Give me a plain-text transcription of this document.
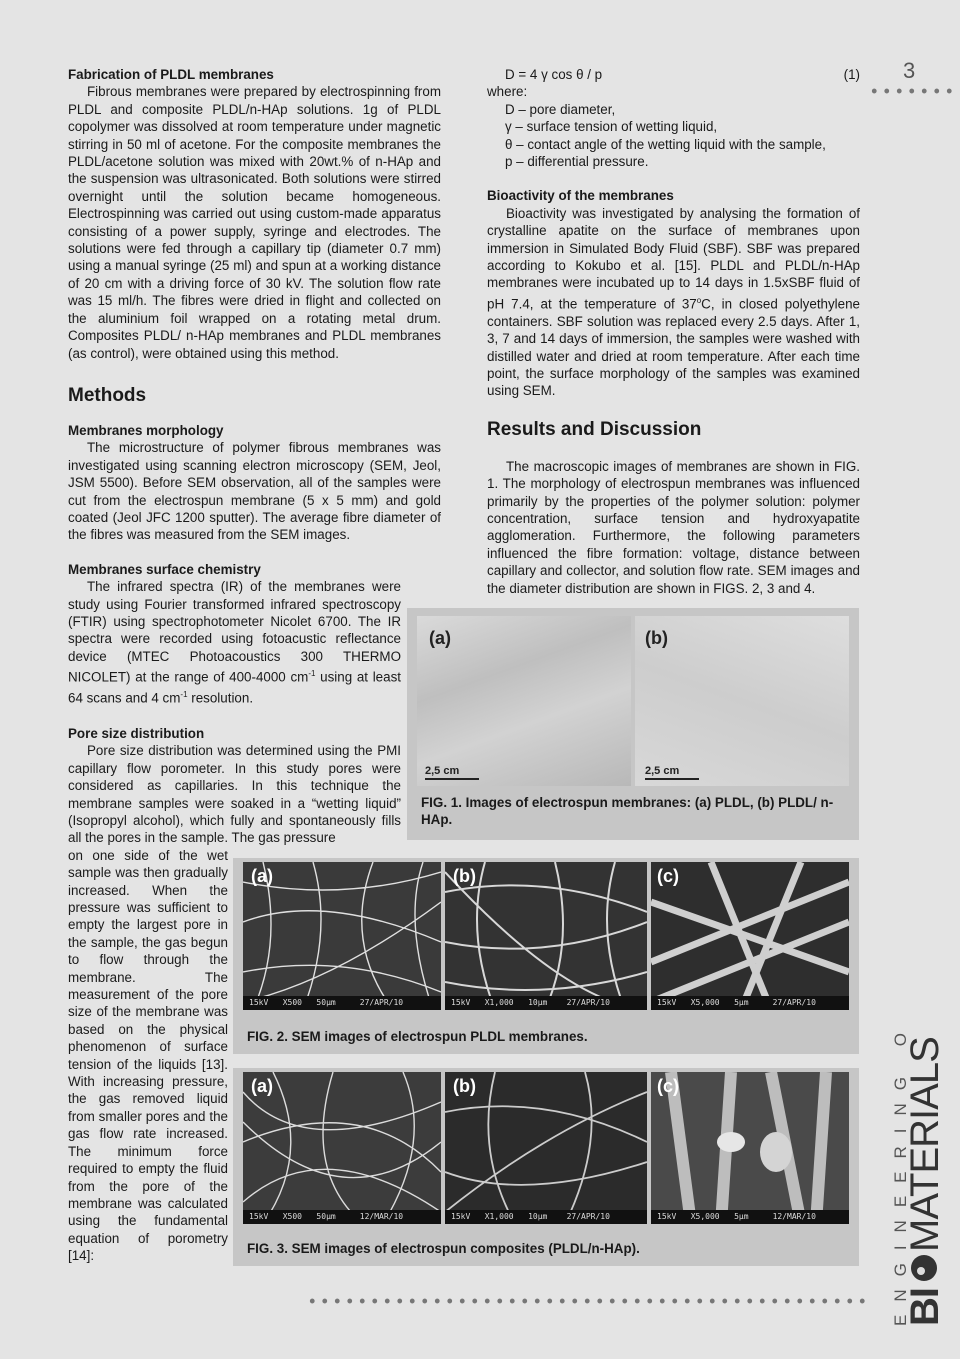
3
Fabrication of PLDL membranes

Fibrous membranes were prepared by electrospinning from PLDL and composite PLDL/n-HAp solutions. 1g of PLDL copolymer was dissolved at room temperature under magnetic stirring in 50 ml of acetone. For the composite membranes the PLDL/acetone solution was mixed with 20wt.% of n-HAp and the suspension was ultrasonicated. Both solutions were stirred overnight until the solution became homogeneous. Electrospinning was carried out using custom-made apparatus consisting of a power supply, syringe and electrodes. The solutions were fed through a capillary tip (diameter 0.7 mm) using a manual syringe (25 ml) and spun at a working distance of 20 cm with a driving force of 30 kV. The solution flow rate was 15 ml/h. The fibres were dried in flight and collected on the aluminium foil wrapped on a rotating metal drum. Composites PLDL/ n-HAp membranes and PLDL membranes (as control), were obtained using this method.

Methods
Membranes morphology

The microstructure of polymer fibrous membranes was investigated using scanning electron microscopy (SEM, Jeol, JSM 5500). Before SEM observation, all of the samples were cut from the electrospun membrane (5 x 5 mm) and gold coated (Jeol JFC 1200 sputter). The average fibre diameter of the fibres was measured from the SEM images.

Membranes surface chemistry

The infrared spectra (IR) of the membranes were study using Fourier transformed infrared spectroscopy (FTIR) using spectrophotometer Nicolet 6700. The IR spectra were recorded using fotoacustic reflectance device (MTEC Photoacoustics 300 THERMO NICOLET) at the range of 400-4000 $cm^{-1}$ using at least 64 scans and 4 $cm^{-1}$ resolution.

Pore size distribution

Pore size distribution was determined using the PMI capillary flow porometer. In this study pores were considered as capillaries. In this technique the membrane samples were soaked in a “wetting liquid” (Isopropyl alcohol), which fully and spontaneously fills all the pores in the sample. The gas pressure

on one side of the wet sample was then gradually increased. When the pressure was sufficient to empty the largest pore in the sample, the gas begun to flow through the membrane. The measurement of the pore size of the membrane was based on the physical phenomenon of surface tension of the liquids [13]. With increasing pressure, the gas removed liquid from smaller pores and the gas flow rate increased. The minimum force required to empty the fluid from the pore of the membrane was calculated using the fundamental equation of porometry [14]:

D = 4 γ cos θ / p	(1)
where:
D – pore diameter,
γ – surface tension of wetting liquid,
θ – contact angle of the wetting liquid with the sample,
p – differential pressure.
Bioactivity of the membranes

Bioactivity was investigated by analysing the formation of crystalline apatite on the surface of membranes upon immersion in Simulated Body Fluid (SBF). SBF was prepared according to Kokubo et al. [15]. PLDL and PLDL/n-HAp membranes were incubated up to 14 days in 1.5xSBF fluid of pH 7.4, at the temperature of 37$^o$C, in closed polyethylene containers. SBF solution was replaced every 2.5 days. After 1, 3, 7 and 14 days of immersion, the samples were washed with distilled water and dried at room temperature. After each time point, the surface morphology of the samples was examined using SEM.

Results and Discussion

The macroscopic images of membranes are shown in FIG. 1. The morphology of electrospun membranes was influenced primarily by the properties of the polymer solution: polymer concentration, surface tension and hydroxyapatite agglomeration. Furthermore, the following parameters influenced the fibre formation: voltage, distance between capillary and collector, and solution flow rate. SEM images and the diameter distribution are shown in FIGS. 2, 3 and 4.

(a)
2,5 cm
(b)
2,5 cm
FIG. 1. Images of electrospun membranes: (a) PLDL, (b) PLDL/ n-HAp.
(a)
15kV   X500   50μm     27/APR/10
(b)
15kV   X1,000   10μm    27/APR/10
(c)
15kV   X5,000   5μm     27/APR/10
FIG. 2. SEM images of electrospun PLDL membranes.
(a)
15kV   X500   50μm     12/MAR/10
(b)
15kV   X1,000   10μm    27/APR/10
(c)
15kV   X5,000   5μm     12/MAR/10
FIG. 3. SEM images of electrospun composites (PLDL/n-HAp).	ENGINEERING OF
BI
MATERIALS
